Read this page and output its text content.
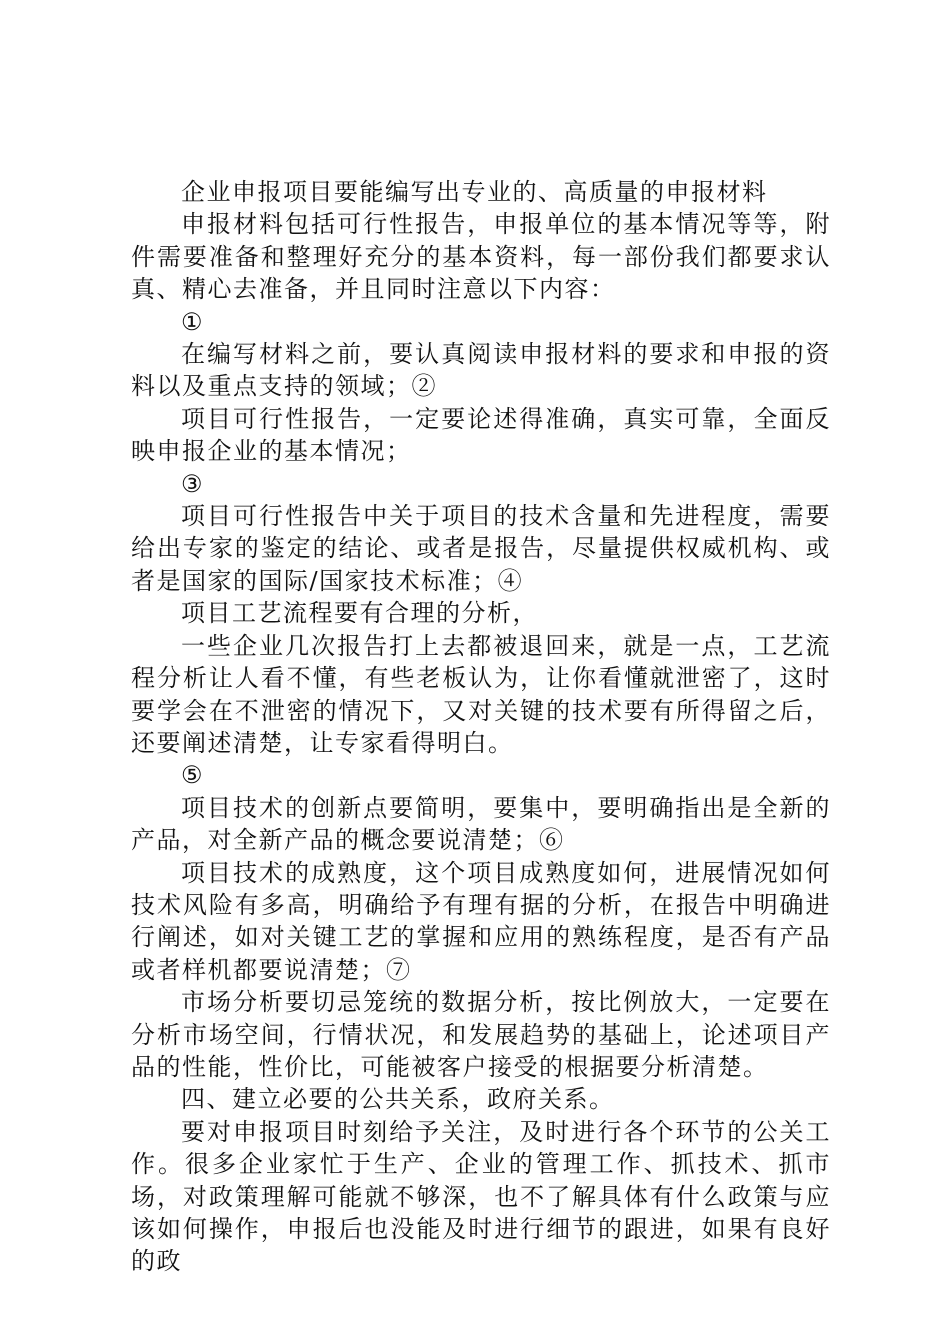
企业申报项目要能编写出专业的、高质量的申报材料

申报材料包括可行性报告，申报单位的基本情况等等，附件需要准备和整理好充分的基本资料，每一部份我们都要求认真、精心去准备，并且同时注意以下内容：

①

在编写材料之前，要认真阅读申报材料的要求和申报的资料以及重点支持的领域；②

项目可行性报告，一定要论述得准确，真实可靠，全面反映申报企业的基本情况；

③

项目可行性报告中关于项目的技术含量和先进程度，需要给出专家的鉴定的结论、或者是报告，尽量提供权威机构、或者是国家的国际/国家技术标准；④

项目工艺流程要有合理的分析，

一些企业几次报告打上去都被退回来，就是一点，工艺流程分析让人看不懂，有些老板认为，让你看懂就泄密了，这时要学会在不泄密的情况下，又对关键的技术要有所得留之后，还要阐述清楚，让专家看得明白。

⑤

项目技术的创新点要简明，要集中，要明确指出是全新的产品，对全新产品的概念要说清楚；⑥

项目技术的成熟度，这个项目成熟度如何，进展情况如何技术风险有多高，明确给予有理有据的分析，在报告中明确进行阐述，如对关键工艺的掌握和应用的熟练程度，是否有产品或者样机都要说清楚；⑦

市场分析要切忌笼统的数据分析，按比例放大，一定要在分析市场空间，行情状况，和发展趋势的基础上，论述项目产品的性能，性价比，可能被客户接受的根据要分析清楚。

四、建立必要的公共关系，政府关系。

要对申报项目时刻给予关注，及时进行各个环节的公关工作。很多企业家忙于生产、企业的管理工作、抓技术、抓市场，对政策理解可能就不够深，也不了解具体有什么政策与应该如何操作，申报后也没能及时进行细节的跟进，如果有良好的政
